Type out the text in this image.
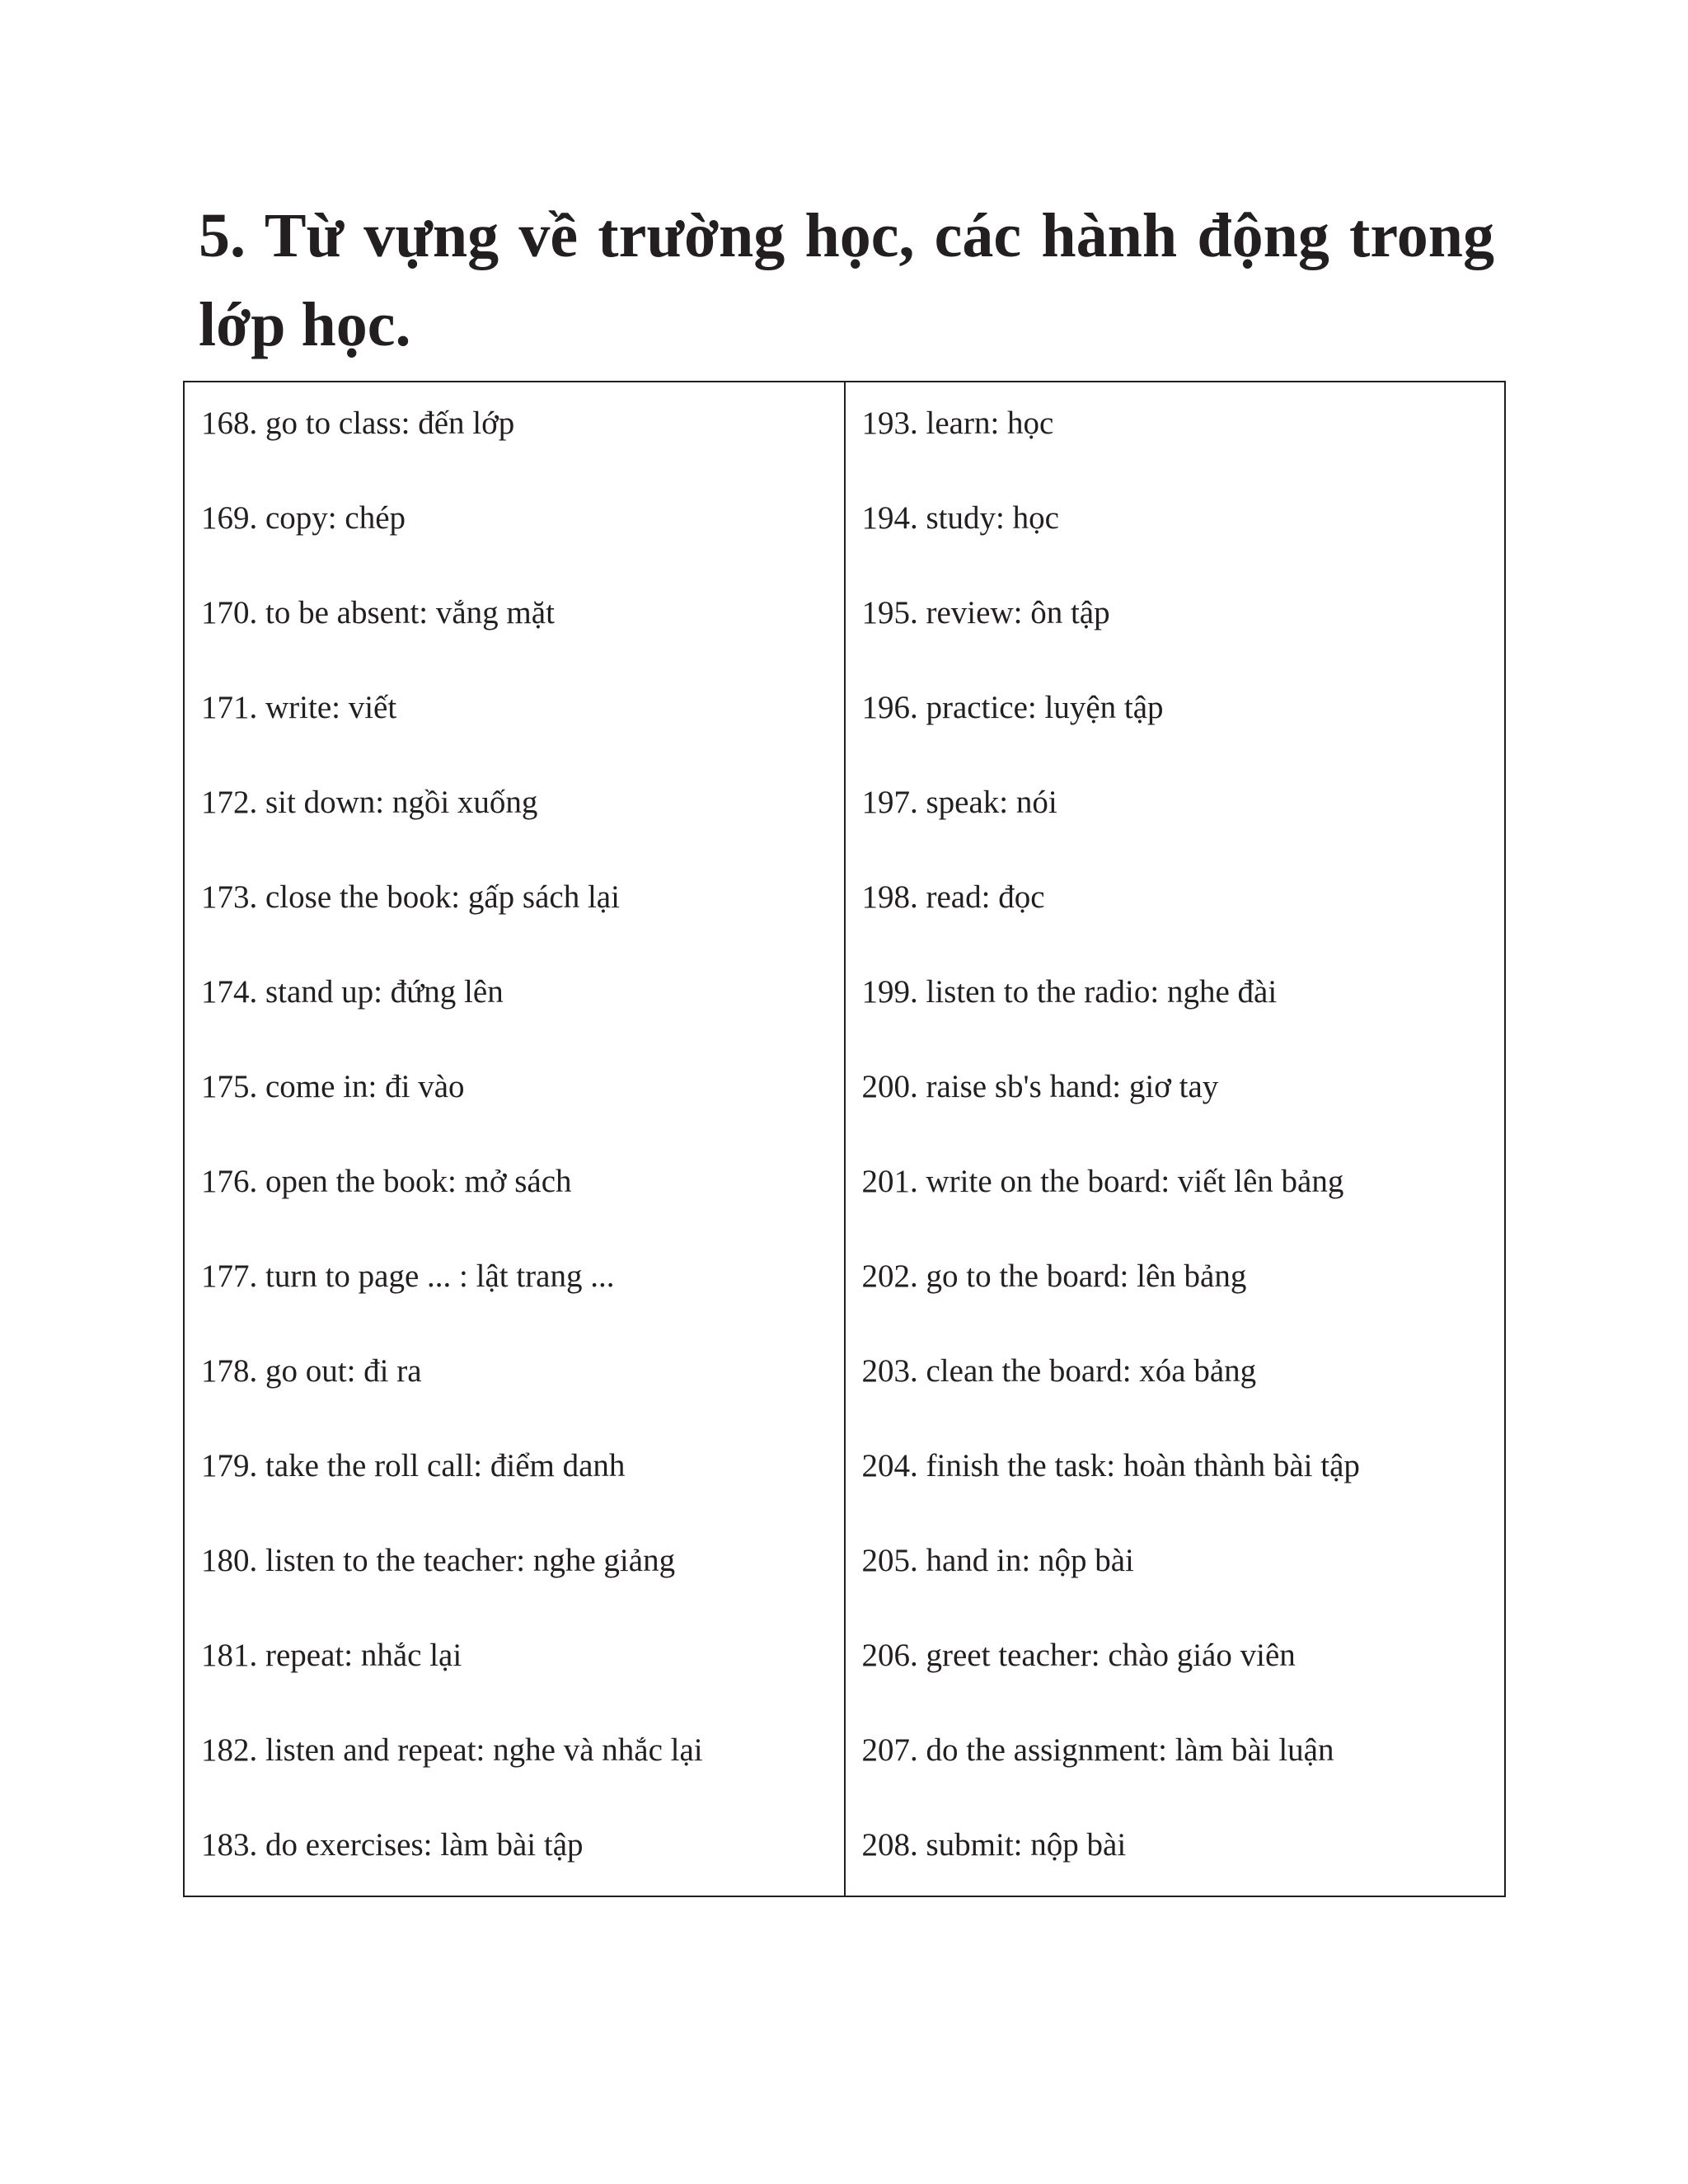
5. Từ vựng về trường học, các hành động trong lớp học.
168. go to class: đến lớp
169. copy: chép
170. to be absent: vắng mặt
171. write: viết
172. sit down: ngồi xuống
173. close the book: gấp sách lại
174. stand up: đứng lên
175. come in: đi vào
176. open the book: mở sách
177. turn to page ... : lật trang ...
178. go out: đi ra
179. take the roll call: điểm danh
180. listen to the teacher: nghe giảng
181. repeat: nhắc lại
182. listen and repeat: nghe và nhắc lại
183. do exercises: làm bài tập
193. learn: học
194. study: học
195. review: ôn tập
196. practice: luyện tập
197. speak: nói
198. read: đọc
199. listen to the radio: nghe đài
200. raise sb's hand: giơ tay
201. write on the board: viết lên bảng
202. go to the board: lên bảng
203. clean the board: xóa bảng
204. finish the task: hoàn thành bài tập
205. hand in: nộp bài
206. greet teacher: chào giáo viên
207. do the assignment: làm bài luận
208. submit: nộp bài
